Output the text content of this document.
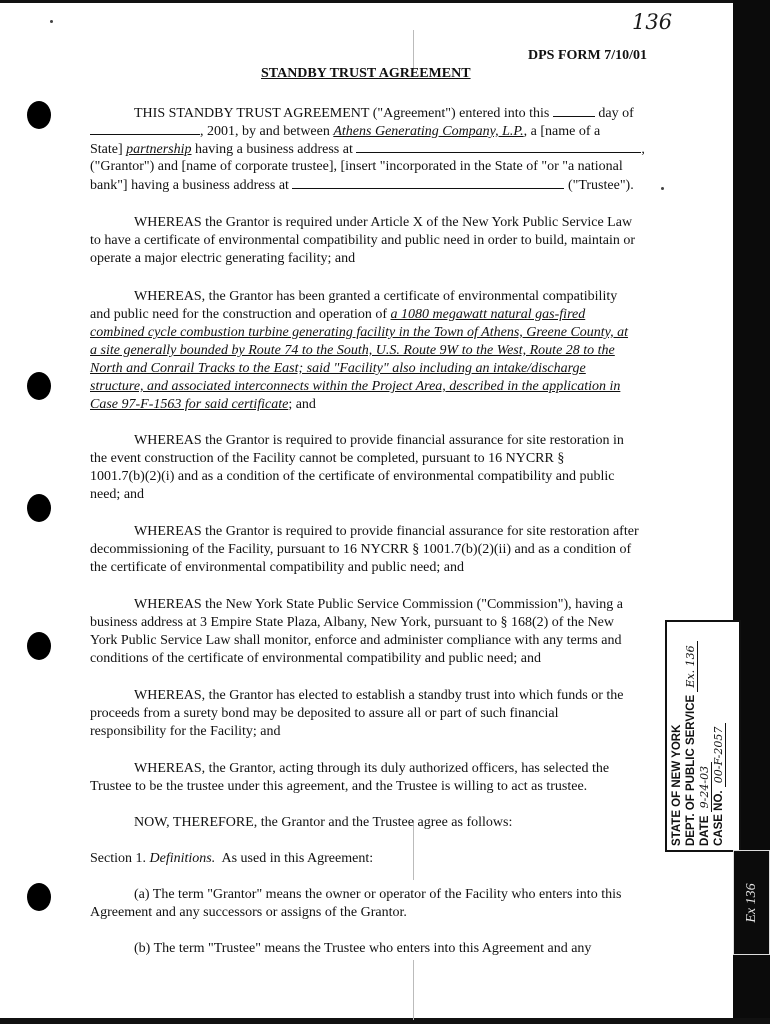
136
DPS FORM 7/10/01
STANDBY TRUST AGREEMENT
THIS STANDBY TRUST AGREEMENT ("Agreement") entered into this	day of
, 2001, by and between Athens Generating Company, L.P., a [name of a
State] partnership having a business address at	,
("Grantor") and [name of corporate trustee], [insert "incorporated in the State of "or "a national
bank"] having a business address at	("Trustee").
WHEREAS the Grantor is required under Article X of the New York Public Service Law
to have a certificate of environmental compatibility and public need in order to build, maintain or
operate a major electric generating facility; and
WHEREAS, the Grantor has been granted a certificate of environmental compatibility
and public need for the construction and operation of a 1080 megawatt natural gas-fired
combined cycle combustion turbine generating facility in the Town of Athens, Greene County, at
a site generally bounded by Route 74 to the South, U.S. Route 9W to the West, Route 28 to the
North and Conrail Tracks to the East; said "Facility" also including an intake/discharge
structure, and associated interconnects within the Project Area, described in the application in
Case 97-F-1563 for said certificate; and
WHEREAS the Grantor is required to provide financial assurance for site restoration in
the event construction of the Facility cannot be completed, pursuant to 16 NYCRR §
1001.7(b)(2)(i) and as a condition of the certificate of environmental compatibility and public
need; and
WHEREAS the Grantor is required to provide financial assurance for site restoration after
decommissioning of the Facility, pursuant to 16 NYCRR § 1001.7(b)(2)(ii) and as a condition of
the certificate of environmental compatibility and public need; and
WHEREAS the New York State Public Service Commission ("Commission"), having a
business address at 3 Empire State Plaza, Albany, New York, pursuant to § 168(2) of the New
York Public Service Law shall monitor, enforce and administer compliance with any terms and
conditions of the certificate of environmental compatibility and public need; and
WHEREAS, the Grantor has elected to establish a standby trust into which funds or the
proceeds from a surety bond may be deposited to assure all or part of such financial
responsibility for the Facility; and
WHEREAS, the Grantor, acting through its duly authorized officers, has selected the
Trustee to be the trustee under this agreement, and the Trustee is willing to act as trustee.
NOW, THEREFORE, the Grantor and the Trustee agree as follows:
Section 1. Definitions. As used in this Agreement:
(a) The term "Grantor" means the owner or operator of the Facility who enters into this
Agreement and any successors or assigns of the Grantor.
(b) The term "Trustee" means the Trustee who enters into this Agreement and any
STATE OF NEW YORK DEPT. OF PUBLIC SERVICE Ex. 136
DATE 9-24-03
CASE NO. 00-F-2057
Ex 136
